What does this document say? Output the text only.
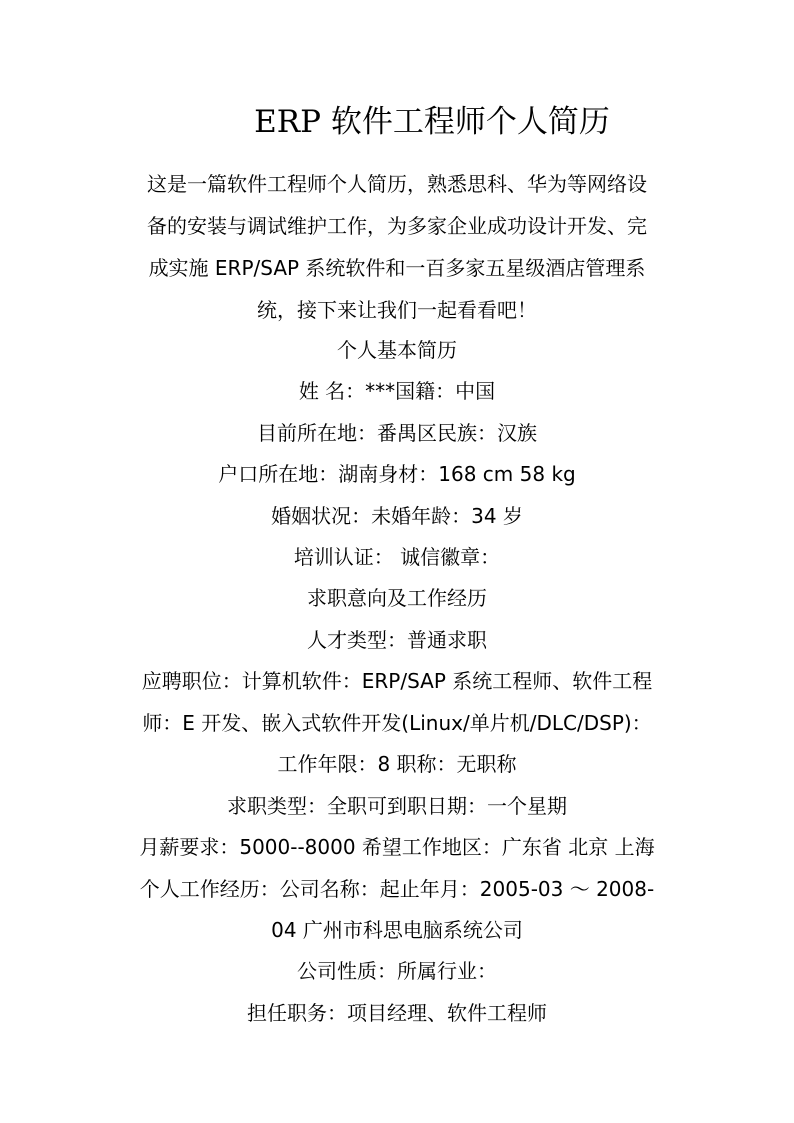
ERP 软件工程师个人简历
这是一篇软件工程师个人简历，熟悉思科、华为等网络设
备的安装与调试维护工作，为多家企业成功设计开发、完
成实施 ERP/SAP 系统软件和一百多家五星级酒店管理系
统，接下来让我们一起看看吧！
个人基本简历
姓 名：***国籍：中国
目前所在地：番禺区民族：汉族
户口所在地：湖南身材：168 cm 58 kg
婚姻状况：未婚年龄：34 岁
培训认证： 诚信徽章：
求职意向及工作经历
人才类型：普通求职
应聘职位：计算机软件：ERP/SAP 系统工程师、软件工程
师：E 开发、嵌入式软件开发(Linux/单片机/DLC/DSP)：
工作年限：8 职称：无职称
求职类型：全职可到职日期：一个星期
月薪要求：5000--8000 希望工作地区：广东省 北京 上海
个人工作经历：公司名称：起止年月：2005-03 ～ 2008-
04 广州市科思电脑系统公司
公司性质：所属行业：
担任职务：项目经理、软件工程师
